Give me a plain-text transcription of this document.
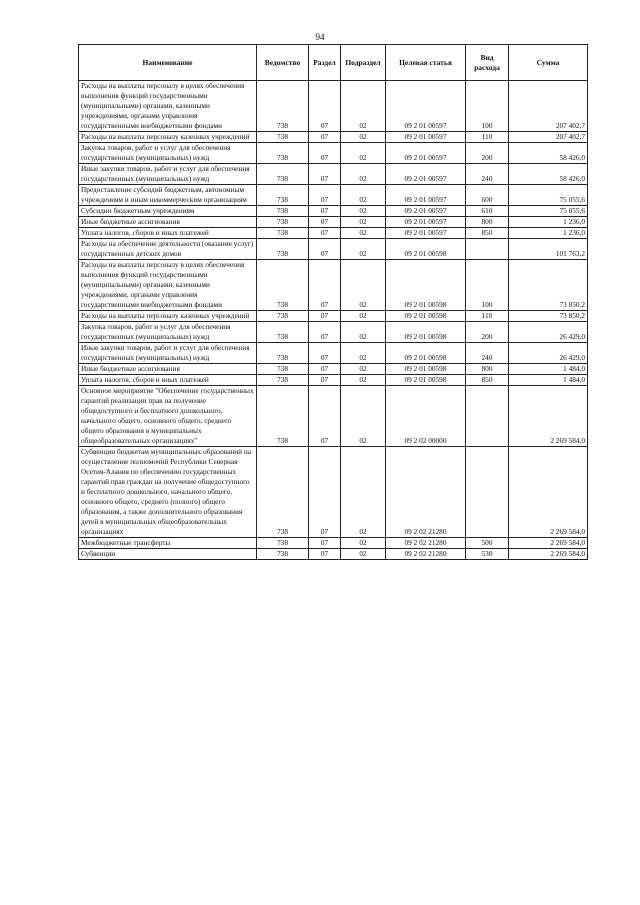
94
Наименование	Ведомство	Раздел	Подраздел	Целевая статья	Вид расхода	Сумма
Расходы на выплаты персоналу в целях обеспечения выполнения функций государственными (муниципальными) органами, казенными учреждениями, органами управления государственными внебюджетными фондами	738	07	02	09 2 01 00597	100	207 402,7
Расходы на выплаты персоналу казенных учреждений	738	07	02	09 2 01 00597	110	207 402,7
Закупка товаров, работ и услуг для обеспечения государственных (муниципальных) нужд	738	07	02	09 2 01 00597	200	58 426,0
Иные закупки товаров, работ и услуг для обеспечения государственных (муниципальных) нужд	738	07	02	09 2 01 00597	240	58 426,0
Предоставление субсидий бюджетным, автономным учреждениям и иным некоммерческим организациям	738	07	02	09 2 01 00597	600	75 055,6
Субсидии бюджетным учреждениям	738	07	02	09 2 01 00597	610	75 055,6
Иные бюджетные ассигнования	738	07	02	09 2 01 00597	800	1 236,0
Уплата налогов, сборов и иных платежей	738	07	02	09 2 01 00597	850	1 236,0
Расходы на обеспечение деятельности (оказание услуг) государственных детских домов	738	07	02	09 2 01 00598		101 763,2
Расходы на выплаты персоналу в целях обеспечения выполнения функций государственными (муниципальными) органами, казенными учреждениями, органами управления государственными внебюджетными фондами	738	07	02	09 2 01 00598	100	73 850,2
Расходы на выплаты персоналу казенных учреждений	738	07	02	09 2 01 00598	110	73 850,2
Закупка товаров, работ и услуг для обеспечения государственных (муниципальных) нужд	738	07	02	09 2 01 00598	200	26 429,0
Иные закупки товаров, работ и услуг для обеспечения государственных (муниципальных) нужд	738	07	02	09 2 01 00598	240	26 429,0
Иные бюджетные ассигнования	738	07	02	09 2 01 00598	800	1 484,0
Уплата налогов, сборов и иных платежей	738	07	02	09 2 01 00598	850	1 484,0
Основное мероприятие "Обеспечение государственных гарантий реализации прав на получение общедоступного и бесплатного дошкольного, начального общего, основного общего, среднего общего образования в муниципальных общеобразовательных организациях"	738	07	02	09 2 02 00000		2 269 584,0
Субвенции бюджетам муниципальных образований на осуществление полномочий Республики Северная Осетия-Алания по обеспечению государственных гарантий прав граждан на получение общедоступного и бесплатного дошкольного, начального общего, основного общего, среднего (полного) общего образования, а также дополнительного образования детей в муниципальных общеобразовательных организациях	738	07	02	09 2 02 21280		2 269 584,0
Межбюджетные трансферты	738	07	02	09 2 02 21280	500	2 269 584,0
Субвенции	738	07	02	09 2 02 21280	530	2 269 584,0
